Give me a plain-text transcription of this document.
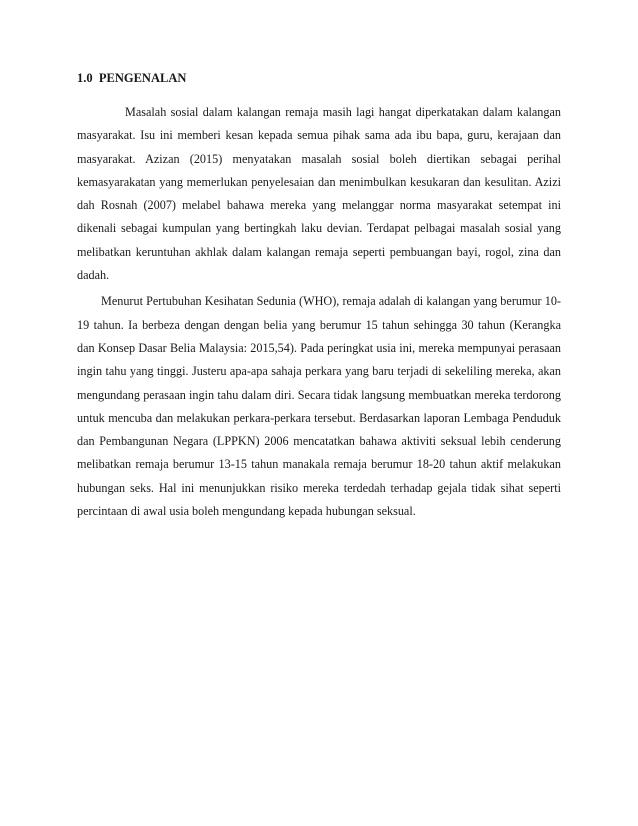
1.0  PENGENALAN

Masalah sosial dalam kalangan remaja masih lagi hangat diperkatakan dalam kalangan masyarakat. Isu ini memberi kesan kepada semua pihak sama ada ibu bapa, guru, kerajaan dan masyarakat. Azizan (2015) menyatakan masalah sosial boleh diertikan sebagai perihal kemasyarakatan yang memerlukan penyelesaian dan menimbulkan kesukaran dan kesulitan. Azizi dah Rosnah (2007) melabel bahawa mereka yang melanggar norma masyarakat setempat ini dikenali sebagai kumpulan yang bertingkah laku devian. Terdapat pelbagai masalah sosial yang melibatkan keruntuhan akhlak dalam kalangan remaja seperti pembuangan bayi, rogol, zina dan dadah.

Menurut Pertubuhan Kesihatan Sedunia (WHO), remaja adalah di kalangan yang berumur 10-19 tahun. Ia berbeza dengan dengan belia yang berumur 15 tahun sehingga 30 tahun (Kerangka dan Konsep Dasar Belia Malaysia: 2015,54). Pada peringkat usia ini, mereka mempunyai perasaan ingin tahu yang tinggi. Justeru apa-apa sahaja perkara yang baru terjadi di sekeliling mereka, akan mengundang perasaan ingin tahu dalam diri. Secara tidak langsung membuatkan mereka terdorong untuk mencuba dan melakukan perkara-perkara tersebut. Berdasarkan laporan Lembaga Penduduk dan Pembangunan Negara (LPPKN) 2006 mencatatkan bahawa aktiviti seksual lebih cenderung melibatkan remaja berumur 13-15 tahun manakala remaja berumur 18-20 tahun aktif melakukan hubungan seks. Hal ini menunjukkan risiko mereka terdedah terhadap gejala tidak sihat seperti percintaan di awal usia boleh mengundang kepada hubungan seksual.
